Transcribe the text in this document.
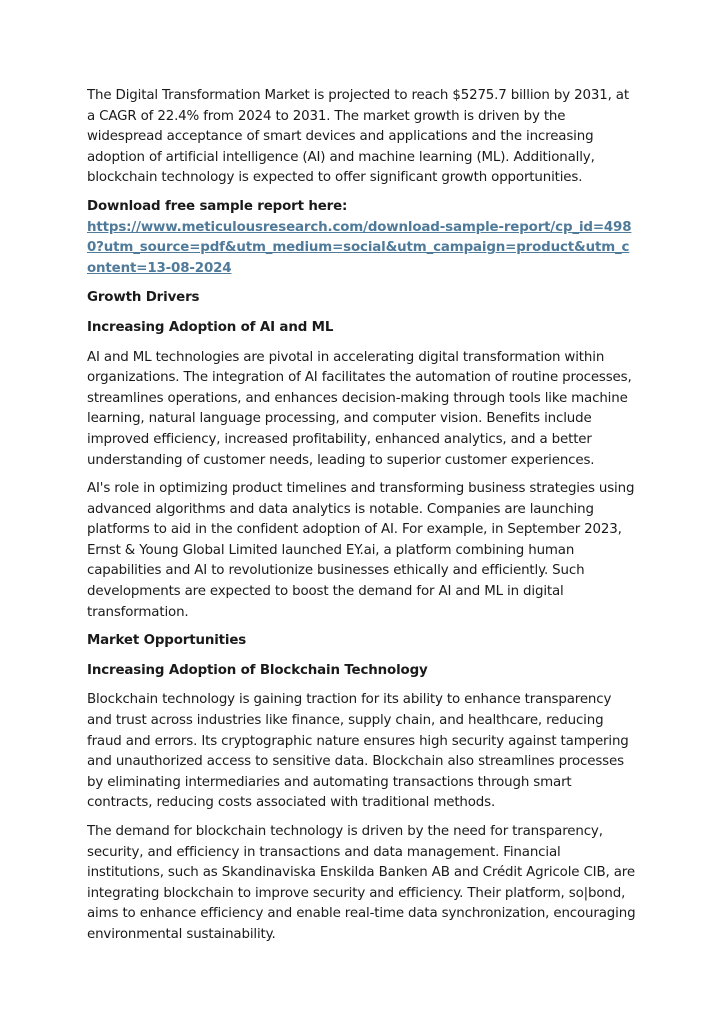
The Digital Transformation Market is projected to reach $5275.7 billion by 2031, at a CAGR of 22.4% from 2024 to 2031. The market growth is driven by the widespread acceptance of smart devices and applications and the increasing adoption of artificial intelligence (AI) and machine learning (ML). Additionally, blockchain technology is expected to offer significant growth opportunities.

Download free sample report here:
https://www.meticulousresearch.com/download-sample-report/cp_id=4980?utm_source=pdf&utm_medium=social&utm_campaign=product&utm_content=13-08-2024

Growth Drivers

Increasing Adoption of AI and ML

AI and ML technologies are pivotal in accelerating digital transformation within organizations. The integration of AI facilitates the automation of routine processes, streamlines operations, and enhances decision-making through tools like machine learning, natural language processing, and computer vision. Benefits include improved efficiency, increased profitability, enhanced analytics, and a better understanding of customer needs, leading to superior customer experiences.

AI's role in optimizing product timelines and transforming business strategies using advanced algorithms and data analytics is notable. Companies are launching platforms to aid in the confident adoption of AI. For example, in September 2023, Ernst & Young Global Limited launched EY.ai, a platform combining human capabilities and AI to revolutionize businesses ethically and efficiently. Such developments are expected to boost the demand for AI and ML in digital transformation.

Market Opportunities

Increasing Adoption of Blockchain Technology

Blockchain technology is gaining traction for its ability to enhance transparency and trust across industries like finance, supply chain, and healthcare, reducing fraud and errors. Its cryptographic nature ensures high security against tampering and unauthorized access to sensitive data. Blockchain also streamlines processes by eliminating intermediaries and automating transactions through smart contracts, reducing costs associated with traditional methods.

The demand for blockchain technology is driven by the need for transparency, security, and efficiency in transactions and data management. Financial institutions, such as Skandinaviska Enskilda Banken AB and Crédit Agricole CIB, are integrating blockchain to improve security and efficiency. Their platform, so|bond, aims to enhance efficiency and enable real-time data synchronization, encouraging environmental sustainability.
